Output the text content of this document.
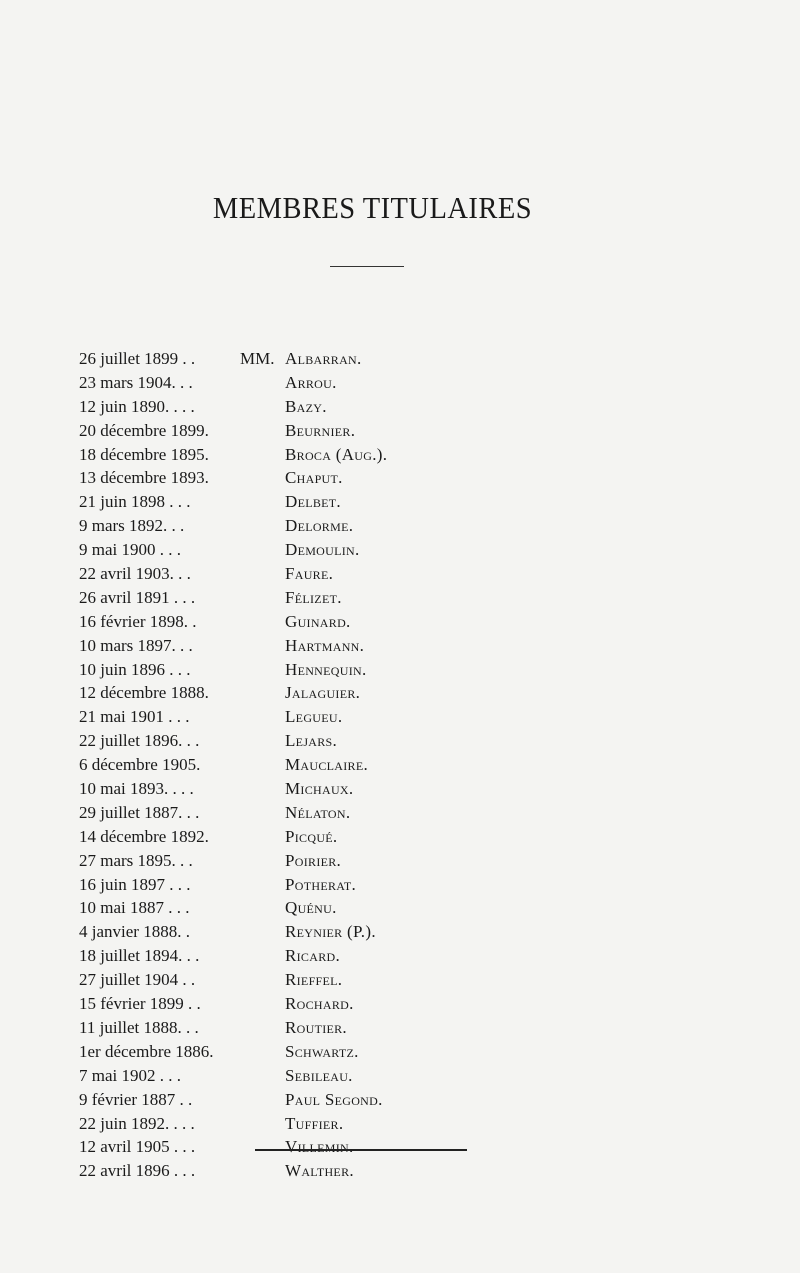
MEMBRES TITULAIRES
26 juillet 1899 . .	MM. Albarran.
23 mars 1904. . .	Arrou.
12 juin 1890. . . .	Bazy.
20 décembre 1899.	Beurnier.
18 décembre 1895.	Broca (Aug.).
13 décembre 1893.	Chaput.
21 juin 1898 . . .	Delbet.
9 mars 1892. . .	Delorme.
9 mai 1900 . . .	Demoulin.
22 avril 1903. . .	Faure.
26 avril 1891 . . .	Félizet.
16 février 1898. .	Guinard.
10 mars 1897. . .	Hartmann.
10 juin 1896 . . .	Hennequin.
12 décembre 1888.	Jalaguier.
21 mai 1901 . . .	Legueu.
22 juillet 1896. . .	Lejars.
6 décembre 1905.	Mauclaire.
10 mai 1893. . . .	Michaux.
29 juillet 1887. . .	Nélaton.
14 décembre 1892.	Picqué.
27 mars 1895. . .	Poirier.
16 juin 1897 . . .	Potherat.
10 mai 1887 . . .	Quénu.
4 janvier 1888. .	Reynier (P.).
18 juillet 1894. . .	Ricard.
27 juillet 1904 . .	Rieffel.
15 février 1899 . .	Rochard.
11 juillet 1888. . .	Routier.
1er décembre 1886.	Schwartz.
7 mai 1902 . . .	Sebileau.
9 février 1887 . .	Paul Segond.
22 juin 1892. . . .	Tuffier.
12 avril 1905 . . .	Villemin.
22 avril 1896 . . .	Walther.
